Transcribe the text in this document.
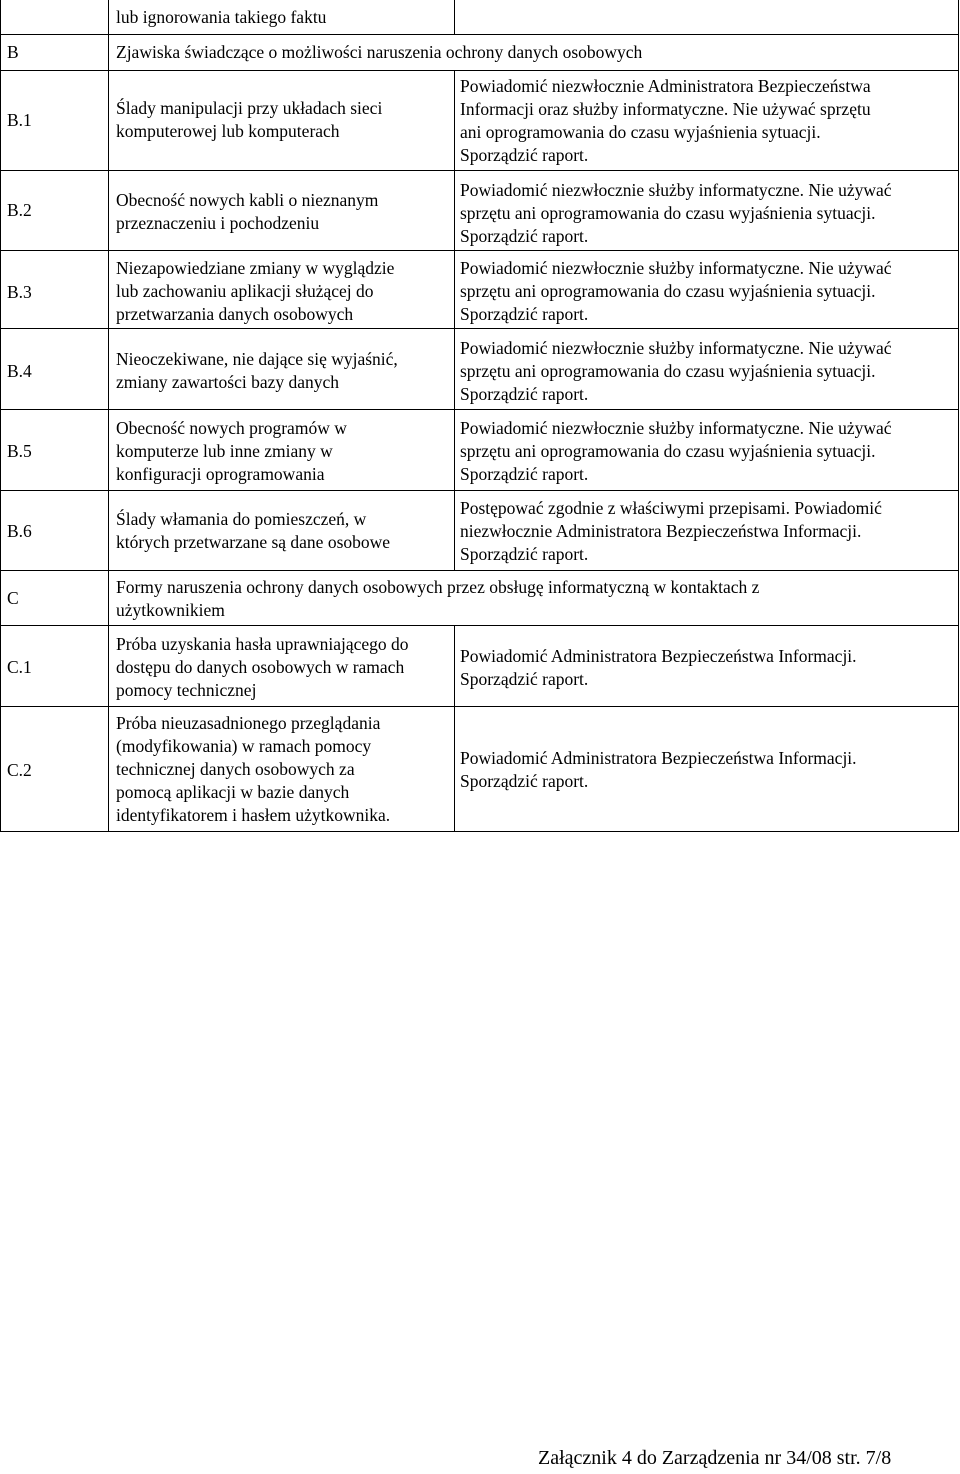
lub ignorowania takiego faktu
B	Zjawiska świadczące o możliwości naruszenia ochrony danych osobowych
B.1
Ślady manipulacji przy układach sieci
komputerowej lub komputerach
Powiadomić niezwłocznie Administratora Bezpieczeństwa
Informacji oraz służby informatyczne. Nie używać sprzętu
ani oprogramowania do czasu wyjaśnienia sytuacji.
Sporządzić raport.
B.2	Obecność nowych kabli o nieznanym
przeznaczeniu i pochodzeniu
Powiadomić niezwłocznie służby informatyczne. Nie używać
sprzętu ani oprogramowania do czasu wyjaśnienia sytuacji.
Sporządzić raport.
B.3
Niezapowiedziane zmiany w wyglądzie
lub zachowaniu aplikacji służącej do
przetwarzania danych osobowych
Powiadomić niezwłocznie służby informatyczne. Nie używać
sprzętu ani oprogramowania do czasu wyjaśnienia sytuacji.
Sporządzić raport.
B.4
Nieoczekiwane, nie dające się wyjaśnić,
zmiany zawartości bazy danych
Powiadomić niezwłocznie służby informatyczne. Nie używać
sprzętu ani oprogramowania do czasu wyjaśnienia sytuacji.
Sporządzić raport.
B.5
Obecność nowych programów w
komputerze lub inne zmiany w
konfiguracji oprogramowania
Powiadomić niezwłocznie służby informatyczne. Nie używać
sprzętu ani oprogramowania do czasu wyjaśnienia sytuacji.
Sporządzić raport.
B.6
Ślady włamania do pomieszczeń, w
których przetwarzane są dane osobowe
Postępować zgodnie z właściwymi przepisami. Powiadomić
niezwłocznie Administratora Bezpieczeństwa Informacji.
Sporządzić raport.
C
Formy naruszenia ochrony danych osobowych przez obsługę informatyczną w kontaktach z
użytkownikiem
C.1
Próba uzyskania hasła uprawniającego do
dostępu do danych osobowych w ramach
pomocy technicznej
Powiadomić Administratora Bezpieczeństwa Informacji.
Sporządzić raport.
C.2
Próba nieuzasadnionego przeglądania
(modyfikowania) w ramach pomocy
technicznej danych osobowych za
pomocą aplikacji w bazie danych
identyfikatorem i hasłem użytkownika.
Powiadomić Administratora Bezpieczeństwa Informacji.
Sporządzić raport.
Załącznik 4 do Zarządzenia nr 34/08 str. 7/8
